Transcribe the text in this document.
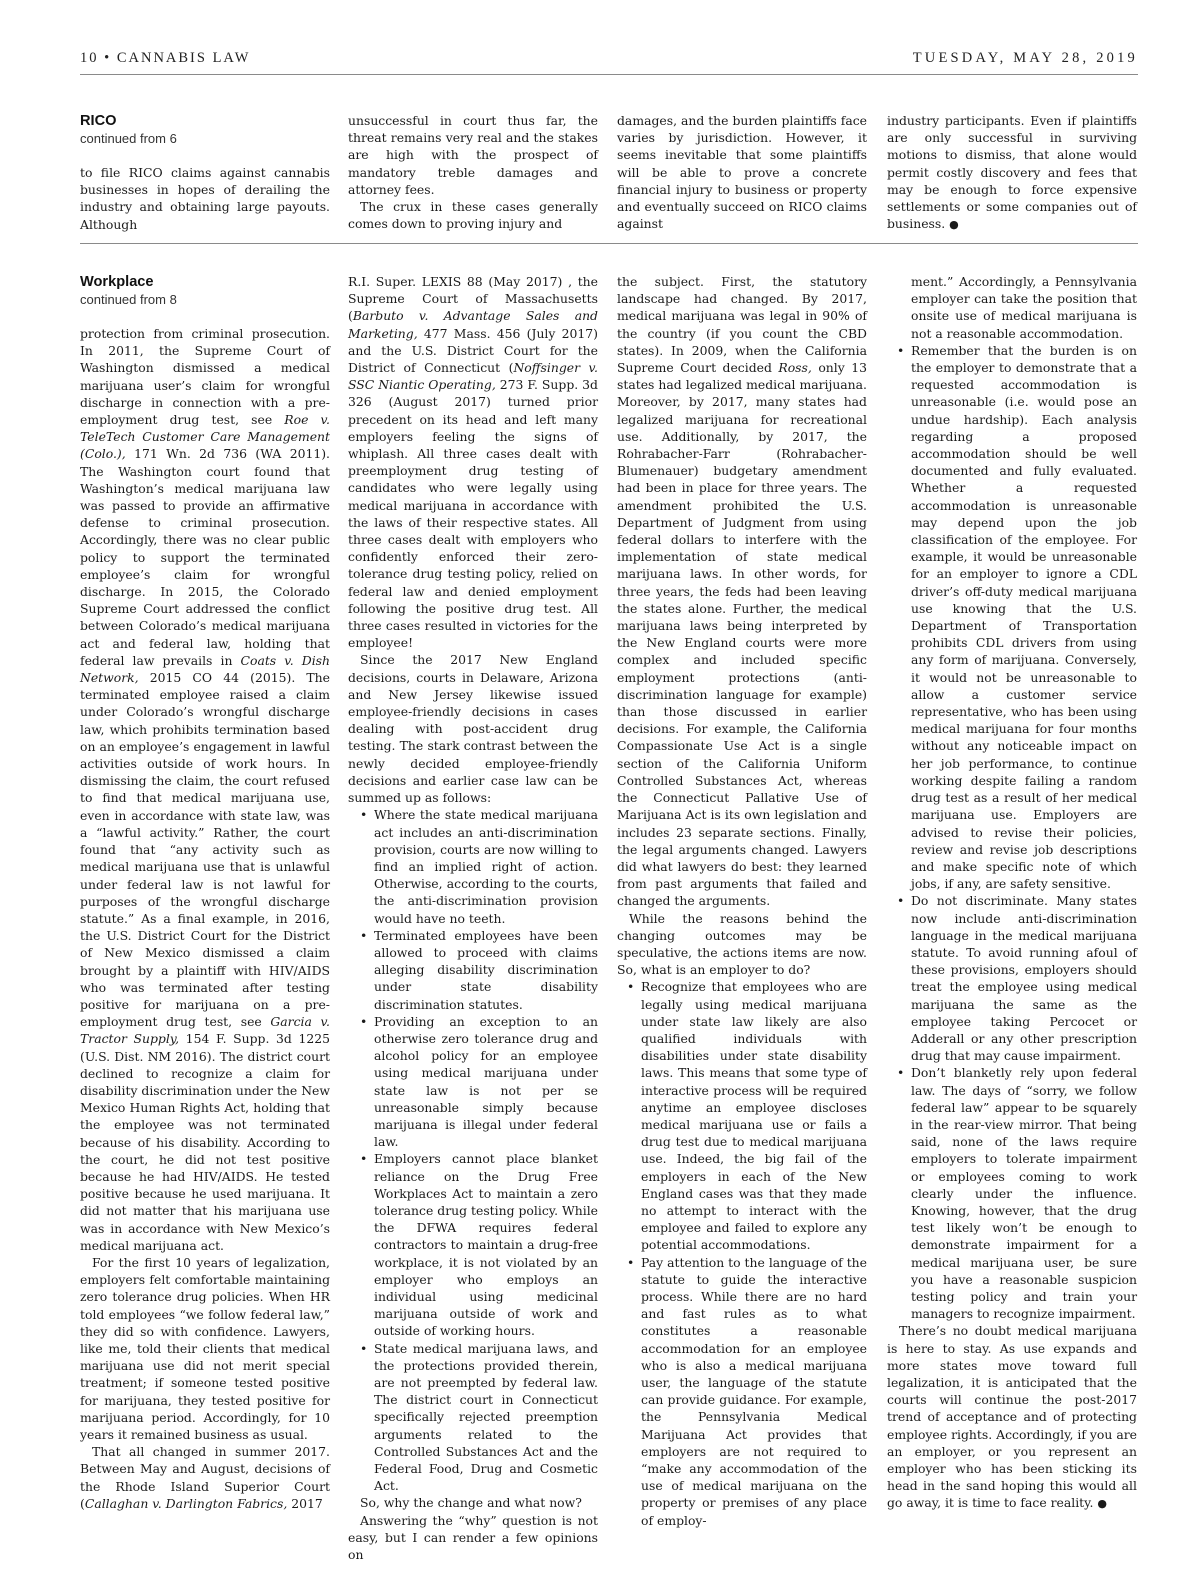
10 • CANNABIS LAW	TUESDAY, MAY 28, 2019
RICO
continued from 6

to file RICO claims against cannabis businesses in hopes of derailing the industry and obtaining large payouts. Although

unsuccessful in court thus far, the threat remains very real and the stakes are high with the prospect of mandatory treble damages and attorney fees.

The crux in these cases generally comes down to proving injury and

damages, and the burden plaintiffs face varies by jurisdiction. However, it seems inevitable that some plaintiffs will be able to prove a concrete financial injury to business or property and eventually succeed on RICO claims against

industry participants. Even if plaintiffs are only successful in surviving motions to dismiss, that alone would permit costly discovery and fees that may be enough to force expensive settlements or some companies out of business. ●

Workplace
continued from 8

protection from criminal prosecution. In 2011, the Supreme Court of Washington dismissed a medical marijuana user’s claim for wrongful discharge in connection with a pre-employment drug test, see Roe v. TeleTech Customer Care Management (Colo.), 171 Wn. 2d 736 (WA 2011). The Washington court found that Washington’s medical marijuana law was passed to provide an affirmative defense to criminal prosecution. Accordingly, there was no clear public policy to support the terminated employee’s claim for wrongful discharge. In 2015, the Colorado Supreme Court addressed the conflict between Colorado’s medical marijuana act and federal law, holding that federal law prevails in Coats v. Dish Network, 2015 CO 44 (2015). The terminated employee raised a claim under Colorado’s wrongful discharge law, which prohibits termination based on an employee’s engagement in lawful activities outside of work hours. In dismissing the claim, the court refused to find that medical marijuana use, even in accordance with state law, was a “lawful activity.” Rather, the court found that “any activity such as medical marijuana use that is unlawful under federal law is not lawful for purposes of the wrongful discharge statute.” As a final example, in 2016, the U.S. District Court for the District of New Mexico dismissed a claim brought by a plaintiff with HIV/AIDS who was terminated after testing positive for marijuana on a pre-employment drug test, see Garcia v. Tractor Supply, 154 F. Supp. 3d 1225 (U.S. Dist. NM 2016). The district court declined to recognize a claim for disability discrimination under the New Mexico Human Rights Act, holding that the employee was not terminated because of his disability. According to the court, he did not test positive because he had HIV/AIDS. He tested positive because he used marijuana. It did not matter that his marijuana use was in accordance with New Mexico’s medical marijuana act.

For the first 10 years of legalization, employers felt comfortable maintaining zero tolerance drug policies. When HR told employees “we follow federal law,” they did so with confidence. Lawyers, like me, told their clients that medical marijuana use did not merit special treatment; if someone tested positive for marijuana, they tested positive for marijuana period. Accordingly, for 10 years it remained business as usual.

That all changed in summer 2017. Between May and August, decisions of the Rhode Island Superior Court (Callaghan v. Darlington Fabrics, 2017

R.I. Super. LEXIS 88 (May 2017) , the Supreme Court of Massachusetts (Barbuto v. Advantage Sales and Marketing, 477 Mass. 456 (July 2017) and the U.S. District Court for the District of Connecticut (Noffsinger v. SSC Niantic Operating, 273 F. Supp. 3d 326 (August 2017) turned prior precedent on its head and left many employers feeling the signs of whiplash. All three cases dealt with preemployment drug testing of candidates who were legally using medical marijuana in accordance with the laws of their respective states. All three cases dealt with employers who confidently enforced their zero-tolerance drug testing policy, relied on federal law and denied employment following the positive drug test. All three cases resulted in victories for the employee!

Since the 2017 New England decisions, courts in Delaware, Arizona and New Jersey likewise issued employee-friendly decisions in cases dealing with post-accident drug testing. The stark contrast between the newly decided employee-friendly decisions and earlier case law can be summed up as follows:

• Where the state medical marijuana act includes an anti-discrimination provision, courts are now willing to find an implied right of action. Otherwise, according to the courts, the anti-discrimination provision would have no teeth.
• Terminated employees have been allowed to proceed with claims alleging disability discrimination under state disability discrimination statutes.
• Providing an exception to an otherwise zero tolerance drug and alcohol policy for an employee using medical marijuana under state law is not per se unreasonable simply because marijuana is illegal under federal law.
• Employers cannot place blanket reliance on the Drug Free Workplaces Act to maintain a zero tolerance drug testing policy. While the DFWA requires federal contractors to maintain a drug-free workplace, it is not violated by an employer who employs an individual using medicinal marijuana outside of work and outside of working hours.
• State medical marijuana laws, and the protections provided therein, are not preempted by federal law. The district court in Connecticut specifically rejected preemption arguments related to the Controlled Substances Act and the Federal Food, Drug and Cosmetic Act.

So, why the change and what now?

Answering the “why” question is not easy, but I can render a few opinions on

the subject. First, the statutory landscape had changed. By 2017, medical marijuana was legal in 90% of the country (if you count the CBD states). In 2009, when the California Supreme Court decided Ross, only 13 states had legalized medical marijuana. Moreover, by 2017, many states had legalized marijuana for recreational use. Additionally, by 2017, the Rohrabacher-Farr (Rohrabacher-Blumenauer) budgetary amendment had been in place for three years. The amendment prohibited the U.S. Department of Judgment from using federal dollars to interfere with the implementation of state medical marijuana laws. In other words, for three years, the feds had been leaving the states alone. Further, the medical marijuana laws being interpreted by the New England courts were more complex and included specific employment protections (anti-discrimination language for example) than those discussed in earlier decisions. For example, the California Compassionate Use Act is a single section of the California Uniform Controlled Substances Act, whereas the Connecticut Pallative Use of Marijuana Act is its own legislation and includes 23 separate sections. Finally, the legal arguments changed. Lawyers did what lawyers do best: they learned from past arguments that failed and changed the arguments.

While the reasons behind the changing outcomes may be speculative, the actions items are now. So, what is an employer to do?

• Recognize that employees who are legally using medical marijuana under state law likely are also qualified individuals with disabilities under state disability laws. This means that some type of interactive process will be required anytime an employee discloses medical marijuana use or fails a drug test due to medical marijuana use. Indeed, the big fail of the employers in each of the New England cases was that they made no attempt to interact with the employee and failed to explore any potential accommodations.
• Pay attention to the language of the statute to guide the interactive process. While there are no hard and fast rules as to what constitutes a reasonable accommodation for an employee who is also a medical marijuana user, the language of the statute can provide guidance. For example, the Pennsylvania Medical Marijuana Act provides that employers are not required to “make any accommodation of the use of medical marijuana on the property or premises of any place of employ-
ment.” Accordingly, a Pennsylvania employer can take the position that onsite use of medical marijuana is not a reasonable accommodation.
• Remember that the burden is on the employer to demonstrate that a requested accommodation is unreasonable (i.e. would pose an undue hardship). Each analysis regarding a proposed accommodation should be well documented and fully evaluated. Whether a requested accommodation is unreasonable may depend upon the job classification of the employee. For example, it would be unreasonable for an employer to ignore a CDL driver’s off-duty medical marijuana use knowing that the U.S. Department of Transportation prohibits CDL drivers from using any form of marijuana. Conversely, it would not be unreasonable to allow a customer service representative, who has been using medical marijuana for four months without any noticeable impact on her job performance, to continue working despite failing a random drug test as a result of her medical marijuana use. Employers are advised to revise their policies, review and revise job descriptions and make specific note of which jobs, if any, are safety sensitive.
• Do not discriminate. Many states now include anti-discrimination language in the medical marijuana statute. To avoid running afoul of these provisions, employers should treat the employee using medical marijuana the same as the employee taking Percocet or Adderall or any other prescription drug that may cause impairment.
• Don’t blanketly rely upon federal law. The days of “sorry, we follow federal law” appear to be squarely in the rear-view mirror. That being said, none of the laws require employers to tolerate impairment or employees coming to work clearly under the influence. Knowing, however, that the drug test likely won’t be enough to demonstrate impairment for a medical marijuana user, be sure you have a reasonable suspicion testing policy and train your managers to recognize impairment.

There’s no doubt medical marijuana is here to stay. As use expands and more states move toward full legalization, it is anticipated that the courts will continue the post-2017 trend of acceptance and of protecting employee rights. Accordingly, if you are an employer, or you represent an employer who has been sticking its head in the sand hoping this would all go away, it is time to face reality. ●
